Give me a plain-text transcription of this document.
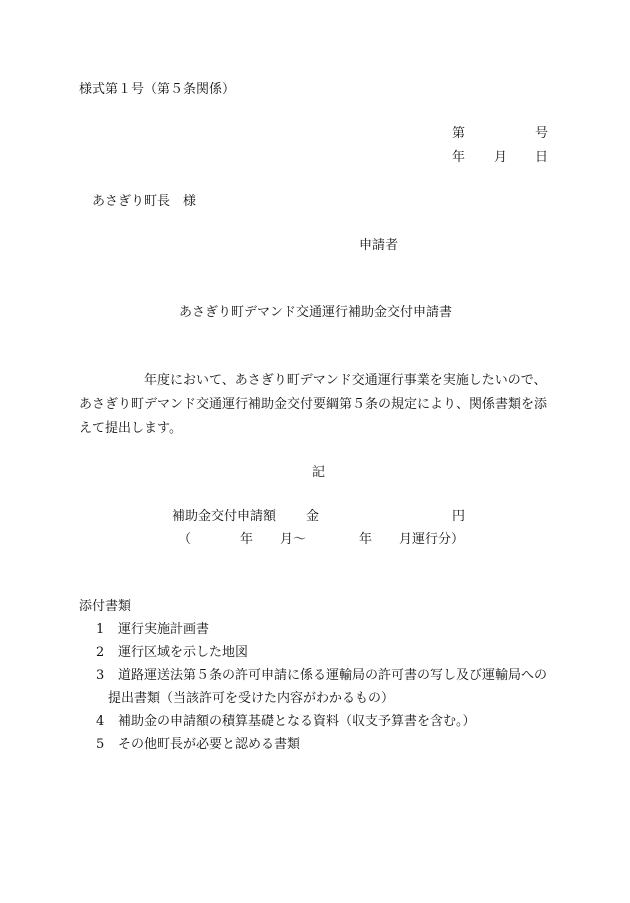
様式第１号（第５条関係）
第	号
年 月 日
あさぎり町長　様
申請者
あさぎり町デマンド交通運行補助金交付申請書
年度において、あさぎり町デマンド交通運行事業を実施したいので、
あさぎり町デマンド交通運行補助金交付要綱第５条の規定により、関係書類を添
えて提出します。
記
補助金交付申請額 金	円
（	年 月〜	年 月運行分）
添付書類
1 運行実施計画書
2 運行区域を示した地図
3 道路運送法第５条の許可申請に係る運輸局の許可書の写し及び運輸局への
提出書類（当該許可を受けた内容がわかるもの）
4 補助金の申請額の積算基礎となる資料（収支予算書を含む。）
5 その他町長が必要と認める書類
